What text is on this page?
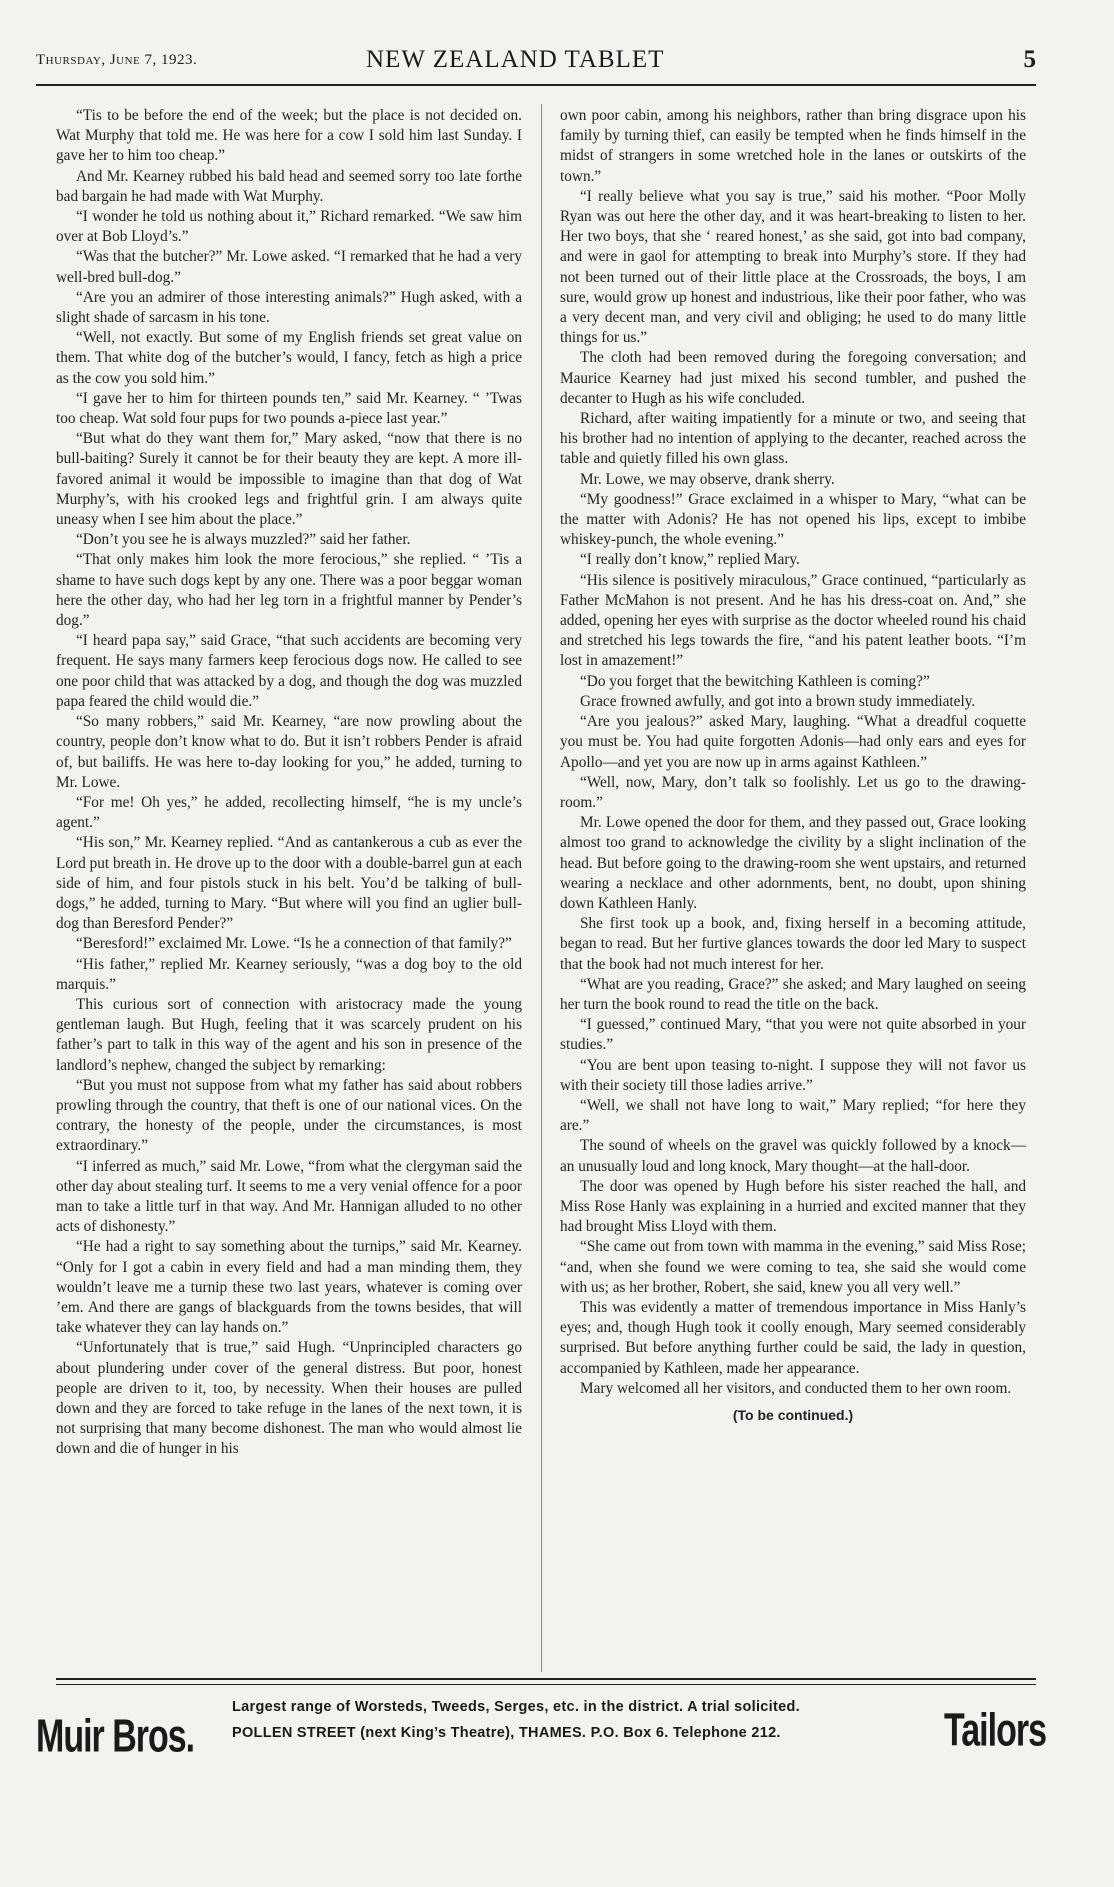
Thursday, June 7, 1923.	NEW ZEALAND TABLET	5

“Tis to be before the end of the week; but the place is not decided on. Wat Murphy that told me. He was here for a cow I sold him last Sunday. I gave her to him too cheap.”

And Mr. Kearney rubbed his bald head and seemed sorry too late forthe bad bargain he had made with Wat Murphy.

“I wonder he told us nothing about it,” Richard remarked. “We saw him over at Bob Lloyd’s.”

“Was that the butcher?” Mr. Lowe asked. “I remarked that he had a very well-bred bull-dog.”

“Are you an admirer of those interesting animals?” Hugh asked, with a slight shade of sarcasm in his tone.

“Well, not exactly. But some of my English friends set great value on them. That white dog of the butcher’s would, I fancy, fetch as high a price as the cow you sold him.”

“I gave her to him for thirteen pounds ten,” said Mr. Kearney. “ ’Twas too cheap. Wat sold four pups for two pounds a-piece last year.”

“But what do they want them for,” Mary asked, “now that there is no bull-baiting? Surely it cannot be for their beauty they are kept. A more ill-favored animal it would be impossible to imagine than that dog of Wat Murphy’s, with his crooked legs and frightful grin. I am always quite uneasy when I see him about the place.”

“Don’t you see he is always muzzled?” said her father.

“That only makes him look the more ferocious,” she replied. “ ’Tis a shame to have such dogs kept by any one. There was a poor beggar woman here the other day, who had her leg torn in a frightful manner by Pender’s dog.”

“I heard papa say,” said Grace, “that such accidents are becoming very frequent. He says many farmers keep ferocious dogs now. He called to see one poor child that was attacked by a dog, and though the dog was muzzled papa feared the child would die.”

“So many robbers,” said Mr. Kearney, “are now prowling about the country, people don’t know what to do. But it isn’t robbers Pender is afraid of, but bailiffs. He was here to-day looking for you,” he added, turning to Mr. Lowe.

“For me! Oh yes,” he added, recollecting himself, “he is my uncle’s agent.”

“His son,” Mr. Kearney replied. “And as cantankerous a cub as ever the Lord put breath in. He drove up to the door with a double-barrel gun at each side of him, and four pistols stuck in his belt. You’d be talking of bull-dogs,” he added, turning to Mary. “But where will you find an uglier bull-dog than Beresford Pender?”

“Beresford!” exclaimed Mr. Lowe. “Is he a connection of that family?”

“His father,” replied Mr. Kearney seriously, “was a dog boy to the old marquis.”

This curious sort of connection with aristocracy made the young gentleman laugh. But Hugh, feeling that it was scarcely prudent on his father’s part to talk in this way of the agent and his son in presence of the landlord’s nephew, changed the subject by remarking:

“But you must not suppose from what my father has said about robbers prowling through the country, that theft is one of our national vices. On the contrary, the honesty of the people, under the circumstances, is most extraordinary.”

“I inferred as much,” said Mr. Lowe, “from what the clergyman said the other day about stealing turf. It seems to me a very venial offence for a poor man to take a little turf in that way. And Mr. Hannigan alluded to no other acts of dishonesty.”

“He had a right to say something about the turnips,” said Mr. Kearney. “Only for I got a cabin in every field and had a man minding them, they wouldn’t leave me a turnip these two last years, whatever is coming over ’em. And there are gangs of blackguards from the towns besides, that will take whatever they can lay hands on.”

“Unfortunately that is true,” said Hugh. “Unprincipled characters go about plundering under cover of the general distress. But poor, honest people are driven to it, too, by necessity. When their houses are pulled down and they are forced to take refuge in the lanes of the next town, it is not surprising that many become dishonest. The man who would almost lie down and die of hunger in his

own poor cabin, among his neighbors, rather than bring disgrace upon his family by turning thief, can easily be tempted when he finds himself in the midst of strangers in some wretched hole in the lanes or outskirts of the town.”

“I really believe what you say is true,” said his mother. “Poor Molly Ryan was out here the other day, and it was heart-breaking to listen to her. Her two boys, that she ‘ reared honest,’ as she said, got into bad company, and were in gaol for attempting to break into Murphy’s store. If they had not been turned out of their little place at the Crossroads, the boys, I am sure, would grow up honest and industrious, like their poor father, who was a very decent man, and very civil and obliging; he used to do many little things for us.”

The cloth had been removed during the foregoing conversation; and Maurice Kearney had just mixed his second tumbler, and pushed the decanter to Hugh as his wife concluded.

Richard, after waiting impatiently for a minute or two, and seeing that his brother had no intention of applying to the decanter, reached across the table and quietly filled his own glass.

Mr. Lowe, we may observe, drank sherry.

“My goodness!” Grace exclaimed in a whisper to Mary, “what can be the matter with Adonis? He has not opened his lips, except to imbibe whiskey-punch, the whole evening.”

“I really don’t know,” replied Mary.

“His silence is positively miraculous,” Grace continued, “particularly as Father McMahon is not present. And he has his dress-coat on. And,” she added, opening her eyes with surprise as the doctor wheeled round his chaid and stretched his legs towards the fire, “and his patent leather boots. “I’m lost in amazement!”

“Do you forget that the bewitching Kathleen is coming?”

Grace frowned awfully, and got into a brown study immediately.

“Are you jealous?” asked Mary, laughing. “What a dreadful coquette you must be. You had quite forgotten Adonis—had only ears and eyes for Apollo—and yet you are now up in arms against Kathleen.”

“Well, now, Mary, don’t talk so foolishly. Let us go to the drawing-room.”

Mr. Lowe opened the door for them, and they passed out, Grace looking almost too grand to acknowledge the civility by a slight inclination of the head. But before going to the drawing-room she went upstairs, and returned wearing a necklace and other adornments, bent, no doubt, upon shining down Kathleen Hanly.

She first took up a book, and, fixing herself in a becoming attitude, began to read. But her furtive glances towards the door led Mary to suspect that the book had not much interest for her.

“What are you reading, Grace?” she asked; and Mary laughed on seeing her turn the book round to read the title on the back.

“I guessed,” continued Mary, “that you were not quite absorbed in your studies.”

“You are bent upon teasing to-night. I suppose they will not favor us with their society till those ladies arrive.”

“Well, we shall not have long to wait,” Mary replied; “for here they are.”

The sound of wheels on the gravel was quickly followed by a knock—an unusually loud and long knock, Mary thought—at the hall-door.

The door was opened by Hugh before his sister reached the hall, and Miss Rose Hanly was explaining in a hurried and excited manner that they had brought Miss Lloyd with them.

“She came out from town with mamma in the evening,” said Miss Rose; “and, when she found we were coming to tea, she said she would come with us; as her brother, Robert, she said, knew you all very well.”

This was evidently a matter of tremendous importance in Miss Hanly’s eyes; and, though Hugh took it coolly enough, Mary seemed considerably surprised. But before anything further could be said, the lady in question, accompanied by Kathleen, made her appearance.

Mary welcomed all her visitors, and conducted them to her own room.

(To be continued.)
Muir Bros.
Largest range of Worsteds, Tweeds, Serges, etc. in the district. A trial solicited.
POLLEN STREET (next King’s Theatre), THAMES. P.O. Box 6. Telephone 212.	Tailors
